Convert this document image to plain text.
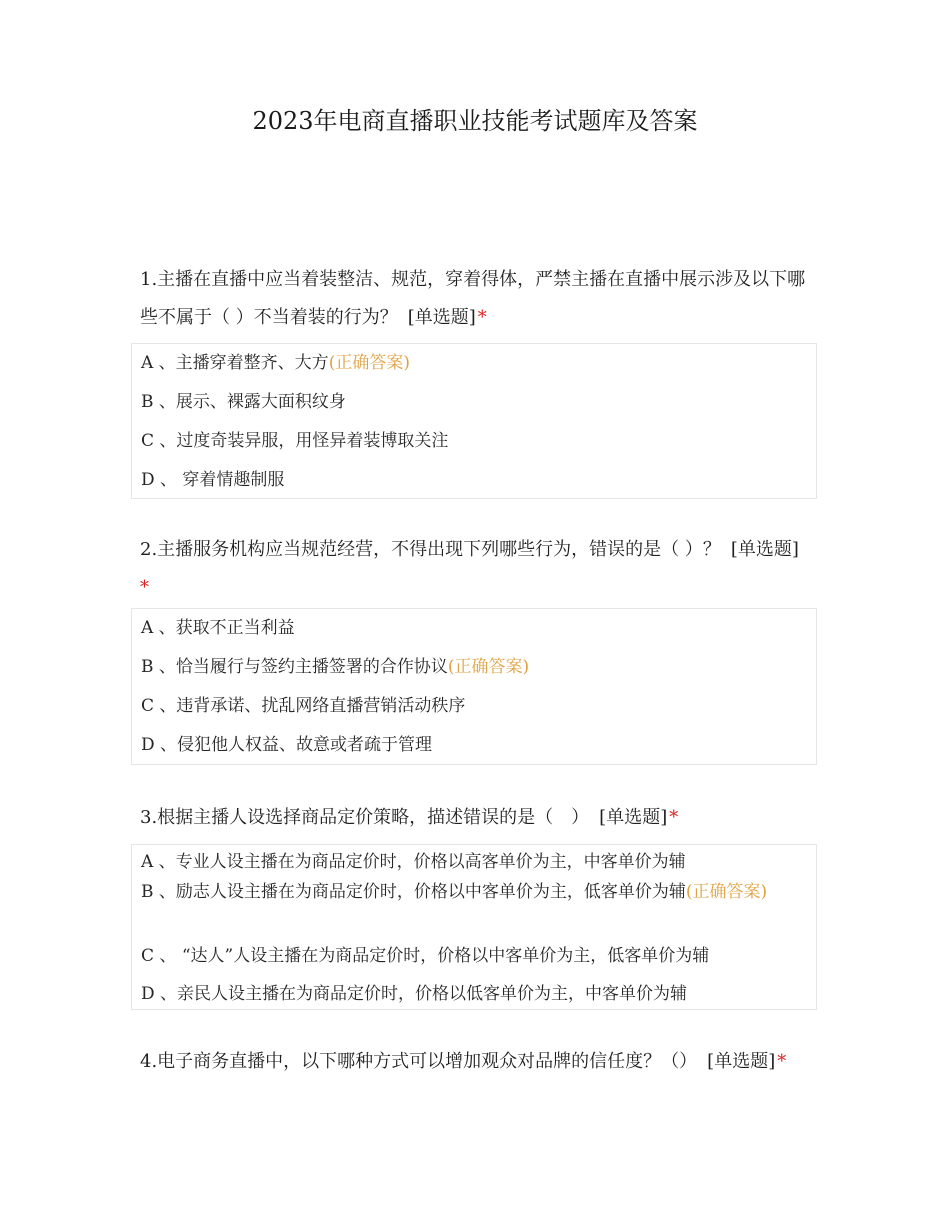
2023年电商直播职业技能考试题库及答案

1.主播在直播中应当着装整洁、规范，穿着得体，严禁主播在直播中展示涉及以下哪些不属于（ ）不当着装的行为？ [单选题] *

A 、主播穿着整齐、大方(正确答案)
B 、展示、裸露大面积纹身
C 、过度奇装异服，用怪异着装博取关注
D 、 穿着情趣制服

2.主播服务机构应当规范经营，不得出现下列哪些行为，错误的是（ ）？ [单选题]
*

A 、获取不正当利益
B 、恰当履行与签约主播签署的合作协议(正确答案)
C 、违背承诺、扰乱网络直播营销活动秩序
D 、侵犯他人权益、故意或者疏于管理

3.根据主播人设选择商品定价策略，描述错误的是（　） [单选题] *

A 、专业人设主播在为商品定价时，价格以高客单价为主，中客单价为辅
B 、励志人设主播在为商品定价时，价格以中客单价为主，低客单价为辅(正确答案)
C 、 “达人”人设主播在为商品定价时，价格以中客单价为主，低客单价为辅
D 、亲民人设主播在为商品定价时，价格以低客单价为主，中客单价为辅

4.电子商务直播中，以下哪种方式可以增加观众对品牌的信任度？（） [单选题] *
